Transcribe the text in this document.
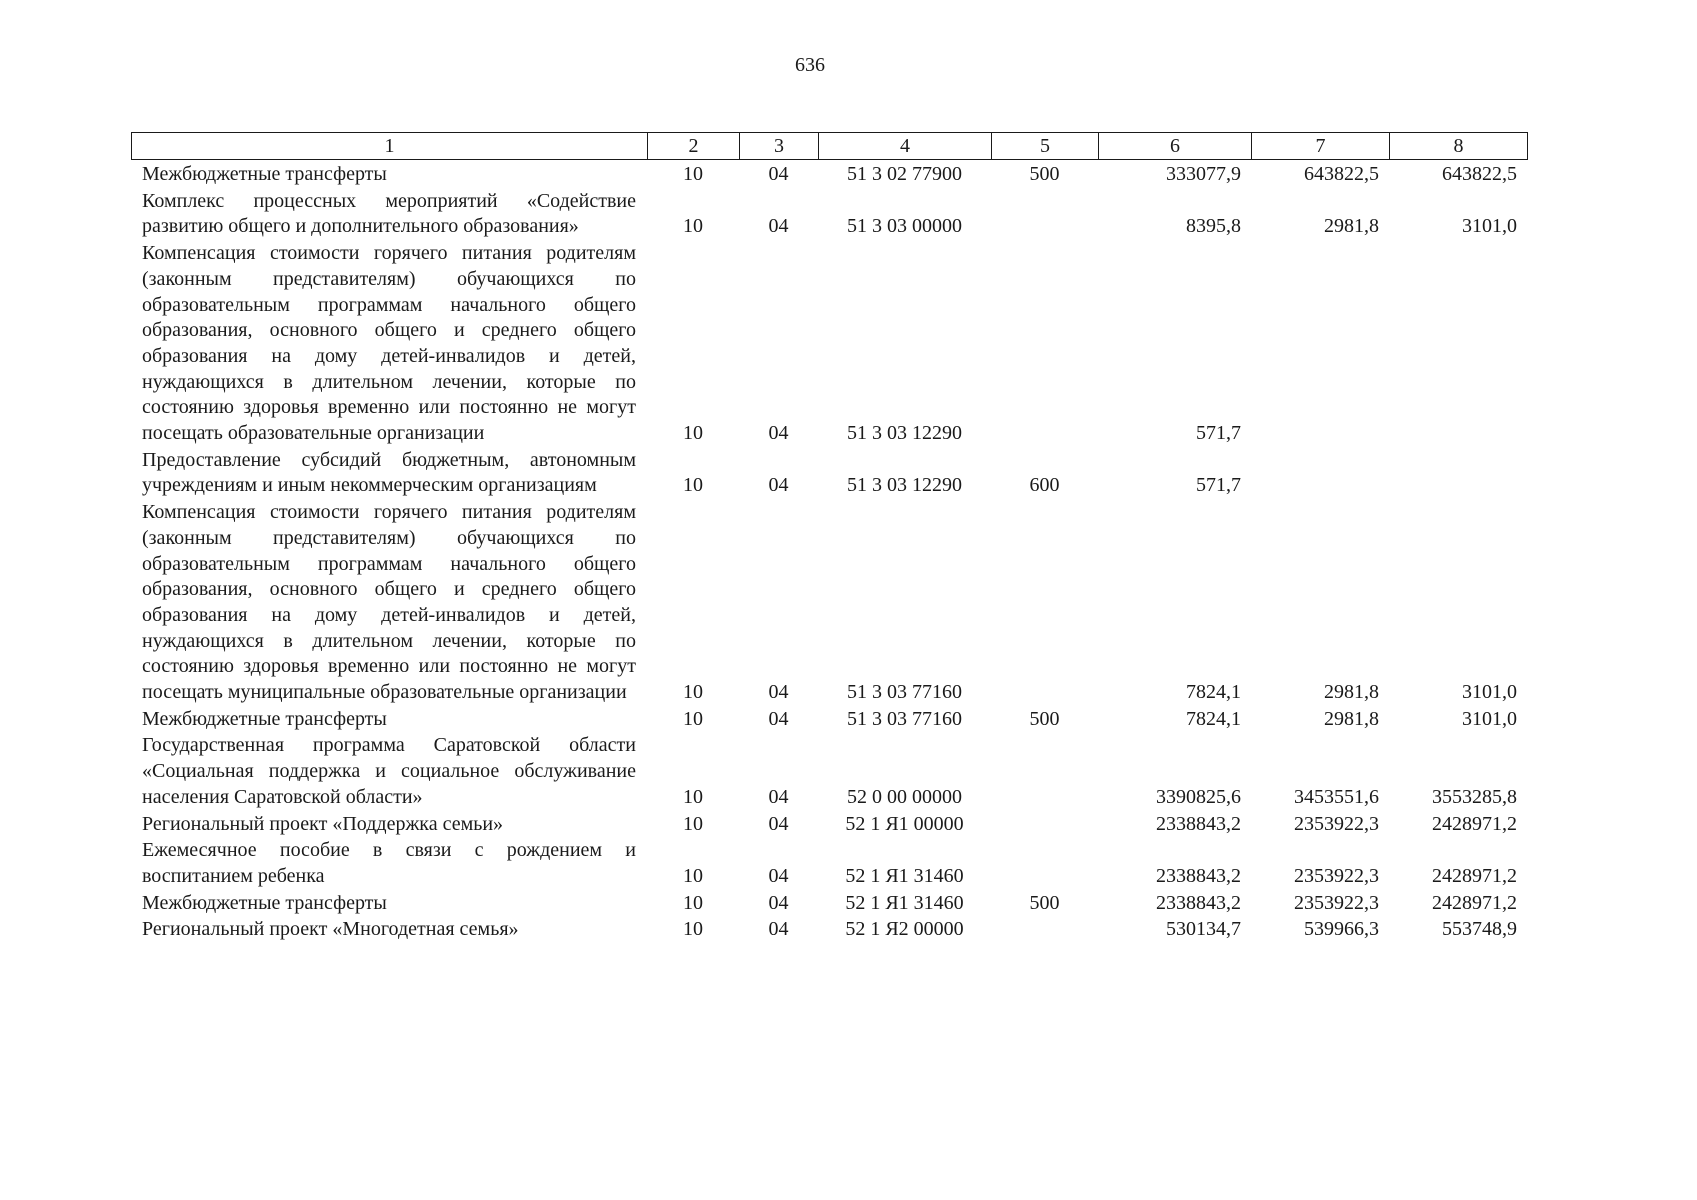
636
1	2	3	4	5	6	7	8
Межбюджетные трансферты	10	04	51 3 02 77900	500	333077,9	643822,5	643822,5
Комплекс процессных мероприятий «Содействие развитию общего и дополнительного образования»	10	04	51 3 03 00000		8395,8	2981,8	3101,0
Компенсация стоимости горячего питания родителям (законным представителям) обучающихся по образовательным программам начального общего образования, основного общего и среднего общего образования на дому детей-инвалидов и детей, нуждающихся в длительном лечении, которые по состоянию здоровья временно или постоянно не могут посещать образовательные организации	10	04	51 3 03 12290		571,7		
Предоставление субсидий бюджетным, автономным учреждениям и иным некоммерческим организациям	10	04	51 3 03 12290	600	571,7		
Компенсация стоимости горячего питания родителям (законным представителям) обучающихся по образовательным программам начального общего образования, основного общего и среднего общего образования на дому детей-инвалидов и детей, нуждающихся в длительном лечении, которые по состоянию здоровья временно или постоянно не могут посещать муниципальные образовательные организации	10	04	51 3 03 77160		7824,1	2981,8	3101,0
Межбюджетные трансферты	10	04	51 3 03 77160	500	7824,1	2981,8	3101,0
Государственная программа Саратовской области «Социальная поддержка и социальное обслуживание населения Саратовской области»	10	04	52 0 00 00000		3390825,6	3453551,6	3553285,8
Региональный проект «Поддержка семьи»	10	04	52 1 Я1 00000		2338843,2	2353922,3	2428971,2
Ежемесячное пособие в связи с рождением и воспитанием ребенка	10	04	52 1 Я1 31460		2338843,2	2353922,3	2428971,2
Межбюджетные трансферты	10	04	52 1 Я1 31460	500	2338843,2	2353922,3	2428971,2
Региональный проект «Многодетная семья»	10	04	52 1 Я2 00000		530134,7	539966,3	553748,9
